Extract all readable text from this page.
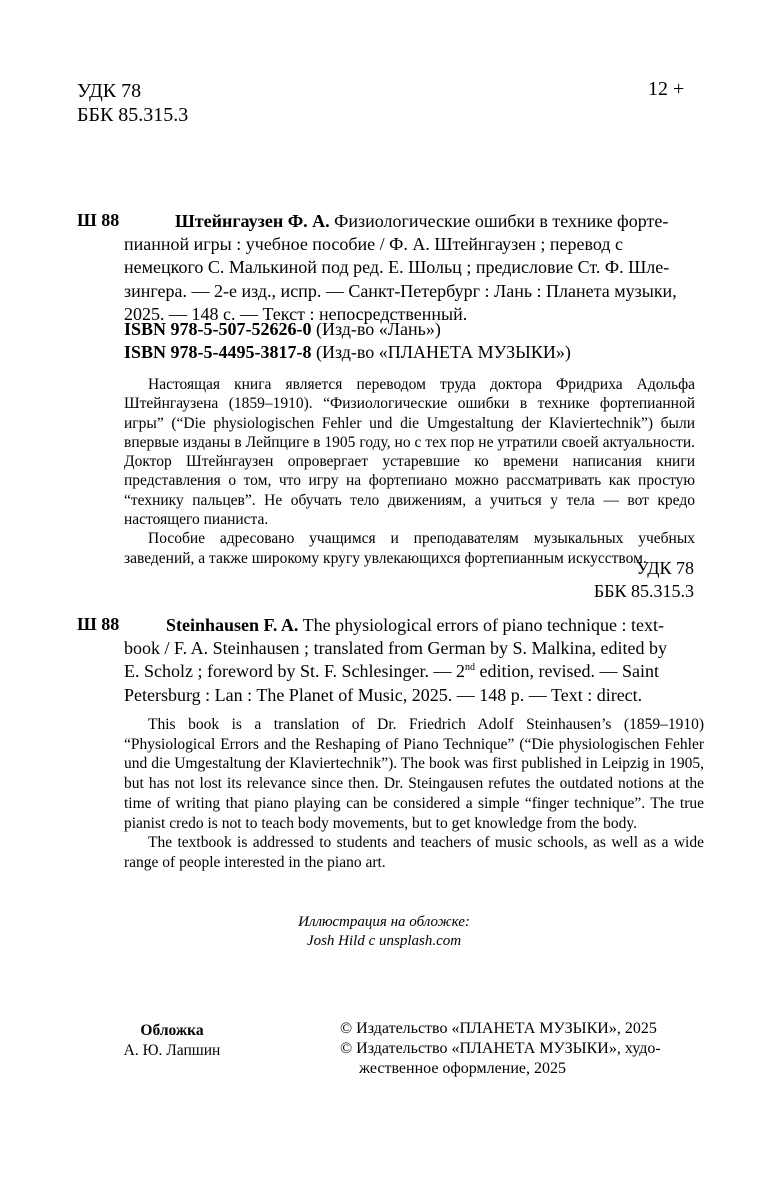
УДК 78
ББК 85.315.3
12 +
Ш 88	Штейнгаузен Ф. А. Физиологические ошибки в технике форте-
пианной игры : учебное пособие / Ф. А. Штейнгаузен ; перевод с
немецкого С. Малькиной под ред. Е. Шольц ; предисловие Ст. Ф. Шле-
зингера. — 2-е изд., испр. — Санкт-Петербург : Лань : Планета музыки,
2025. — 148 с. — Текст : непосредственный.
ISBN 978-5-507-52626-0 (Изд-во «Лань»)
ISBN 978-5-4495-3817-8 (Изд-во «ПЛАНЕТА МУЗЫКИ»)

Настоящая книга является переводом труда доктора Фридриха Адольфа Штейнгаузена (1859–1910). “Физиологические ошибки в технике фортепианной игры” (“Die physiologischen Fehler und die Umgestaltung der Klaviertechnik”) были впервые изданы в Лейпциге в 1905 году, но с тех пор не утратили своей актуальности. Доктор Штейнгаузен опровергает устаревшие ко времени написания книги представления о том, что игру на фортепиано можно рассматривать как простую “технику пальцев”. Не обучать тело движениям, а учиться у тела — вот кредо настоящего пианиста.

Пособие адресовано учащимся и преподавателям музыкальных учебных заведений, а также широкому кругу увлекающихся фортепианным искусством.

УДК 78
ББК 85.315.3
Ш 88	Steinhausen F. A. The physiological errors of piano technique : text-
book / F. A. Steinhausen ; translated from German by S. Malkina, edited by
E. Scholz ; foreword by St. F. Schlesinger. — 2nd edition, revised. — Saint
Petersburg : Lan : The Planet of Music, 2025. — 148 p. — Text : direct.

This book is a translation of Dr. Friedrich Adolf Steinhausen’s (1859–1910) “Physiological Errors and the Reshaping of Piano Technique” (“Die physiologischen Fehler und die Umgestaltung der Klaviertechnik”). The book was first published in Leipzig in 1905, but has not lost its relevance since then. Dr. Steingausen refutes the outdated notions at the time of writing that piano playing can be considered a simple “finger technique”. The true pianist credo is not to teach body movements, but to get knowledge from the body.

The textbook is addressed to students and teachers of music schools, as well as a wide range of people interested in the piano art.

Иллюстрация на обложке:
Josh Hild с unsplash.com
Обложка
А. Ю. Лапшин
© Издательство «ПЛАНЕТА МУЗЫКИ», 2025
© Издательство «ПЛАНЕТА МУЗЫКИ», худо-
жественное оформление, 2025
